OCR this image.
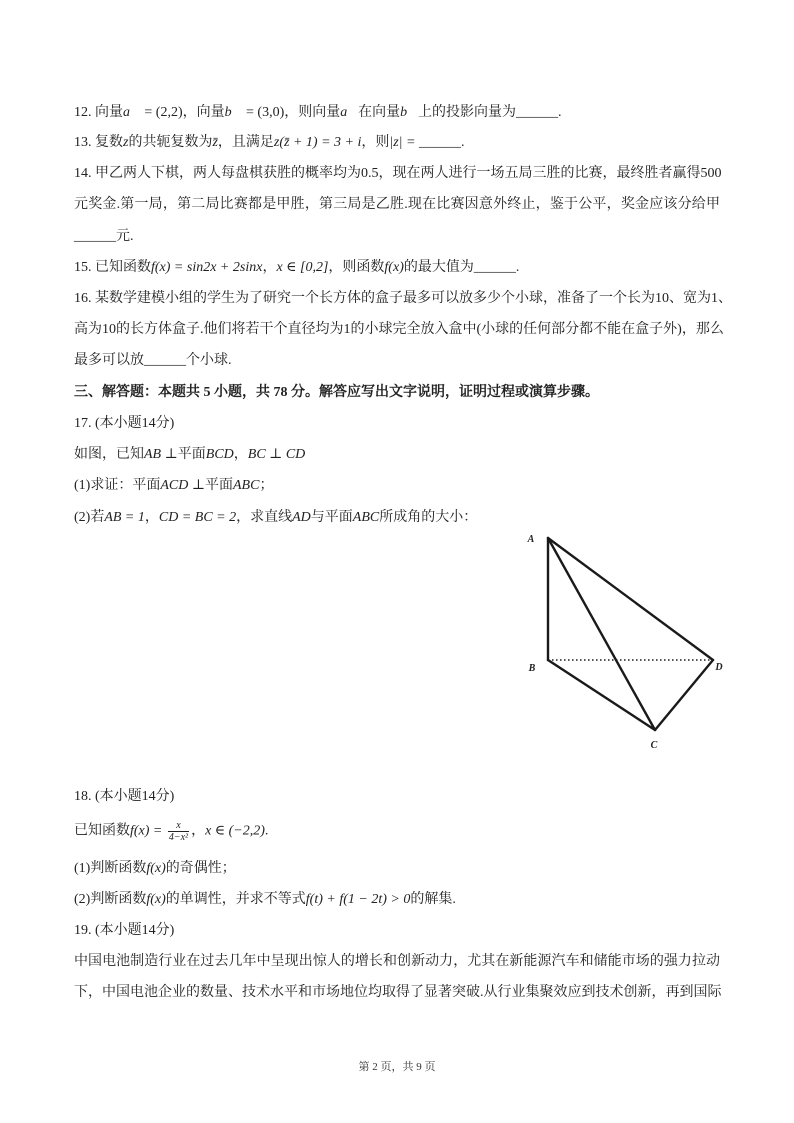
12. 向量a⃗ = (2,2)，向量b⃗ = (3,0)，则向量a⃗在向量b⃗上的投影向量为______.
13. 复数z的共轭复数为z̄，且满足z(z̄ + 1) = 3 + i，则|z| = ______.
14. 甲乙两人下棋，两人每盘棋获胜的概率均为0.5，现在两人进行一场五局三胜的比赛，最终胜者赢得500
元奖金.第一局，第二局比赛都是甲胜，第三局是乙胜.现在比赛因意外终止，鉴于公平，奖金应该分给甲
______元.
15. 已知函数f(x) = sin2x + 2sinx，x ∈ [0,2]，则函数f(x)的最大值为______.
16. 某数学建模小组的学生为了研究一个长方体的盒子最多可以放多少个小球，准备了一个长为10、宽为1、
高为10的长方体盒子.他们将若干个直径均为1的小球完全放入盒中(小球的任何部分都不能在盒子外)，那么
最多可以放______个小球.
三、解答题：本题共 5 小题，共 78 分。解答应写出文字说明，证明过程或演算步骤。
17. (本小题14分)
如图，已知AB ⊥平面BCD，BC ⊥ CD
(1)求证：平面ACD ⊥平面ABC；
(2)若AB = 1，CD = BC = 2，求直线AD与平面ABC所成角的大小：
A
B
C
D
18. (本小题14分)
已知函数$f(x) = \frac{x}{\text{4−x²}}$ ，x ∈ (−2,2).
(1)判断函数f(x)的奇偶性；
(2)判断函数f(x)的单调性，并求不等式f(t) + f(1 − 2t) > 0的解集.
19. (本小题14分)
中国电池制造行业在过去几年中呈现出惊人的增长和创新动力，尤其在新能源汽车和储能市场的强力拉动
下，中国电池企业的数量、技术水平和市场地位均取得了显著突破.从行业集聚效应到技术创新，再到国际
第 2 页，共 9 页
